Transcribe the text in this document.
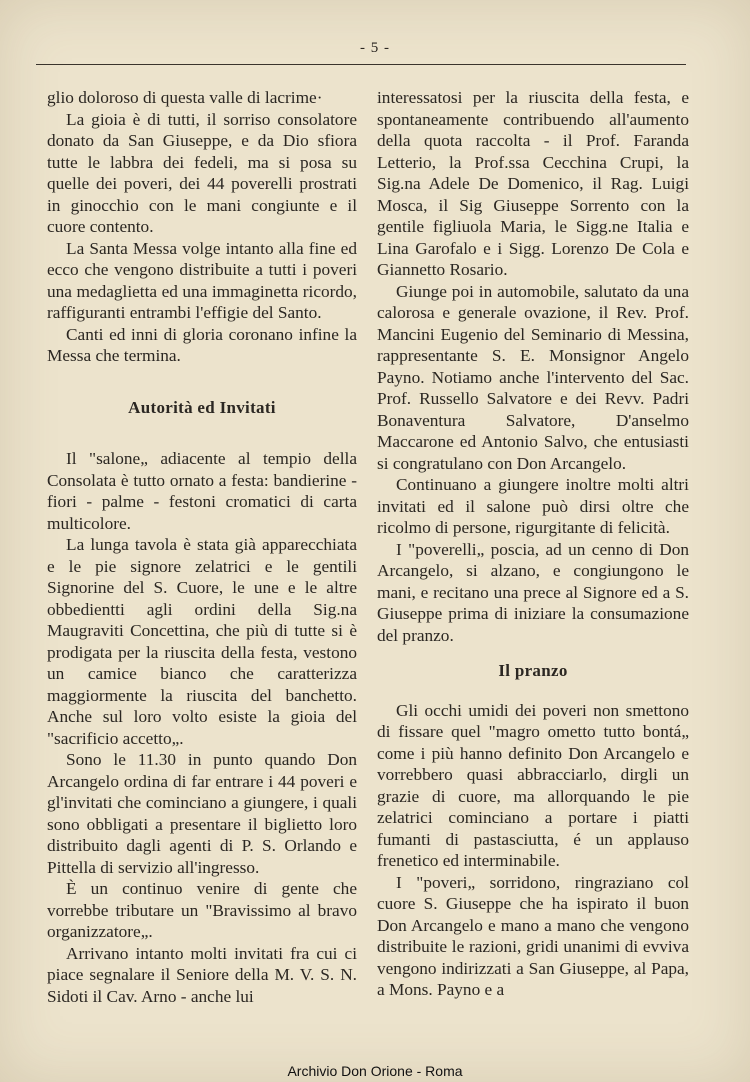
- 5 -

glio doloroso di questa valle di lacrime·

La gioia è di tutti, il sorriso consolatore donato da San Giuseppe, e da Dio sfiora tutte le labbra dei fedeli, ma si posa su quelle dei poveri, dei 44 poverelli prostrati in ginocchio con le mani congiunte e il cuore contento.

La Santa Messa volge intanto alla fine ed ecco che vengono distribuite a tutti i poveri una medaglietta ed una immaginetta ricordo, raffiguranti entrambi l'effigie del Santo.

Canti ed inni di gloria coronano infine la Messa che termina.

Autorità ed Invitati

Il "salone„ adiacente al tempio della Consolata è tutto ornato a festa: bandierine - fiori - palme - festoni cromatici di carta multicolore.

La lunga tavola è stata già apparecchiata e le pie signore zelatrici e le gentili Signorine del S. Cuore, le une e le altre obbedientti agli ordini della Sig.na Maugraviti Concettina, che più di tutte si è prodigata per la riuscita della festa, vestono un camice bianco che caratterizza maggiormente la riuscita del banchetto. Anche sul loro volto esiste la gioia del "sacrificio accetto„.

Sono le 11.30 in punto quando Don Arcangelo ordina di far entrare i 44 poveri e gl'invitati che cominciano a giungere, i quali sono obbligati a presentare il biglietto loro distribuito dagli agenti di P. S. Orlando e Pittella di servizio all'ingresso.

È un continuo venire di gente che vorrebbe tributare un "Bravissimo al bravo organizzatore„.

Arrivano intanto molti invitati fra cui ci piace segnalare il Seniore della M. V. S. N. Sidoti il Cav. Arno - anche lui

interessatosi per la riuscita della festa, e spontaneamente contribuendo all'aumento della quota raccolta - il Prof. Faranda Letterio, la Prof.ssa Cecchina Crupi, la Sig.na Adele De Domenico, il Rag. Luigi Mosca, il Sig Giuseppe Sorrento con la gentile figliuola Maria, le Sigg.ne Italia e Lina Garofalo e i Sigg. Lorenzo De Cola e Giannetto Rosario.

Giunge poi in automobile, salutato da una calorosa e generale ovazione, il Rev. Prof. Mancini Eugenio del Seminario di Messina, rappresentante S. E. Monsignor Angelo Payno. Notiamo anche l'intervento del Sac. Prof. Russello Salvatore e dei Revv. Padri Bonaventura Salvatore, D'anselmo Maccarone ed Antonio Salvo, che entusiasti si congratulano con Don Arcangelo.

Continuano a giungere inoltre molti altri invitati ed il salone può dirsi oltre che ricolmo di persone, rigurgitante di felicità.

I "poverelli„ poscia, ad un cenno di Don Arcangelo, si alzano, e congiungono le mani, e recitano una prece al Signore ed a S. Giuseppe prima di iniziare la consumazione del pranzo.

Il pranzo

Gli occhi umidi dei poveri non smettono di fissare quel "magro ometto tutto bontá„ come i più hanno definito Don Arcangelo e vorrebbero quasi abbracciarlo, dirgli un grazie di cuore, ma allorquando le pie zelatrici cominciano a portare i piatti fumanti di pastasciutta, é un applauso frenetico ed interminabile.

I "poveri„ sorridono, ringraziano col cuore S. Giuseppe che ha ispirato il buon Don Arcangelo e mano a mano che vengono distribuite le razioni, gridi unanimi di evviva vengono indirizzati a San Giuseppe, al Papa, a Mons. Payno e a

Archivio Don Orione - Roma
